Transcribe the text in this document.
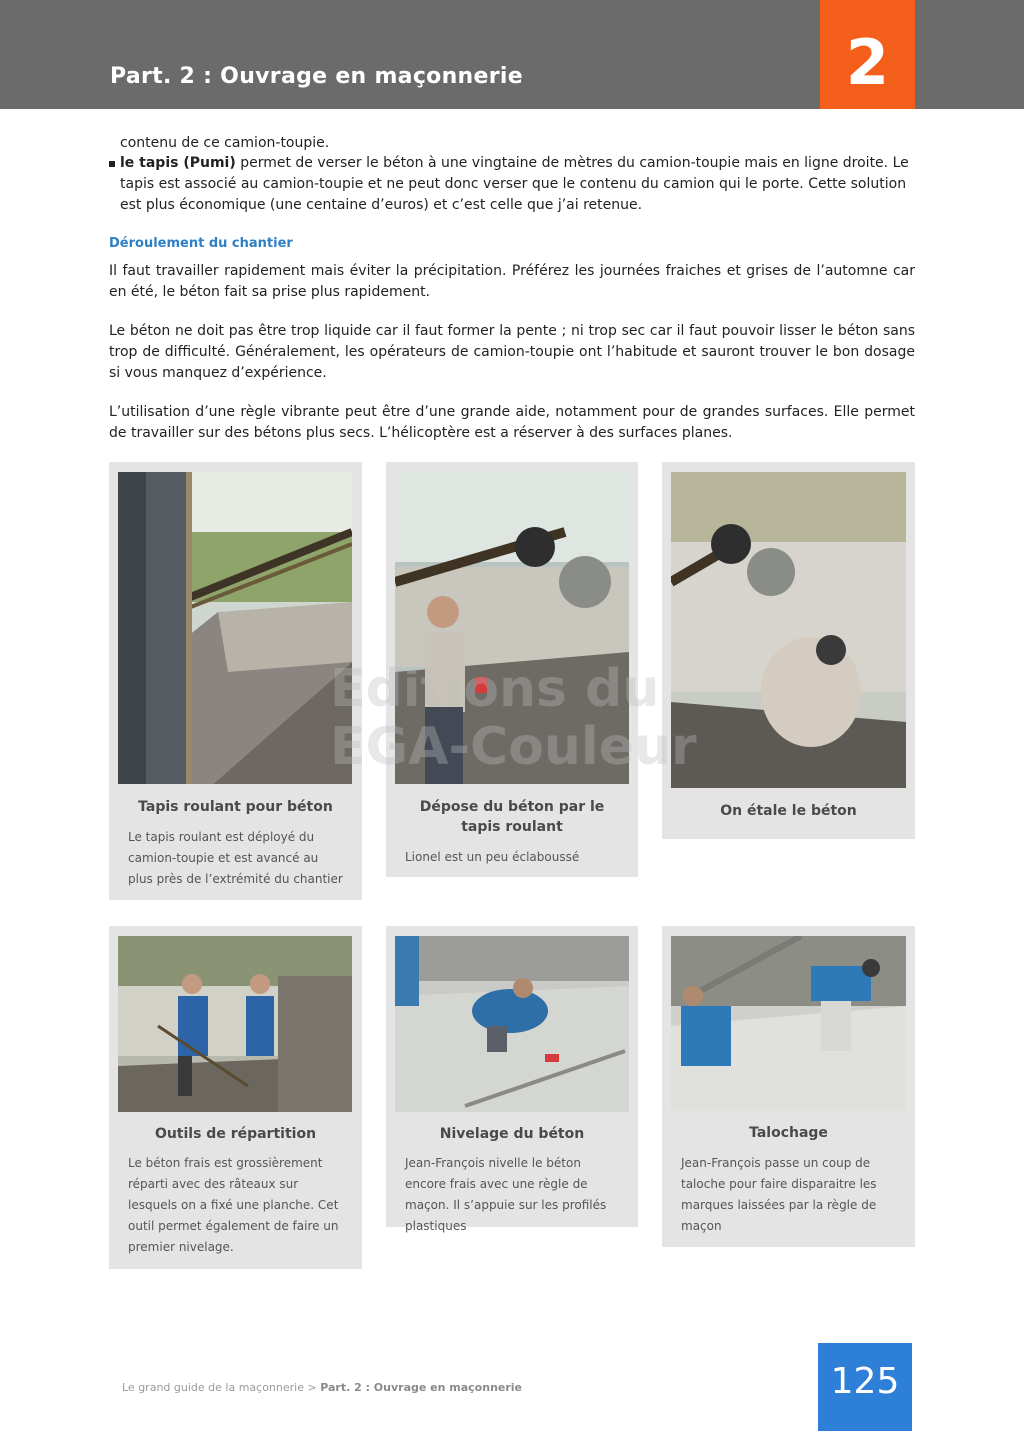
Part. 2 : Ouvrage en maçonnerie	2
contenu de ce camion-toupie.
le tapis (Pumi) permet de verser le béton à une vingtaine de mètres du camion-toupie mais en ligne droite. Le tapis est associé au camion-toupie et ne peut donc verser que le contenu du camion qui le porte. Cette solution est plus économique (une centaine d’euros) et c’est celle que j’ai retenue.
Déroulement du chantier

Il faut travailler rapidement mais éviter la précipitation. Préférez les journées fraiches et grises de l’automne car en été, le béton fait sa prise plus rapidement.

Le béton ne doit pas être trop liquide car il faut former la pente ; ni trop sec car il faut pouvoir lisser le béton sans trop de difficulté. Généralement, les opérateurs de camion-toupie ont l’habitude et sauront trouver le bon dosage si vous manquez d’expérience.

L’utilisation d’une règle vibrante peut être d’une grande aide, notamment pour de grandes surfaces. Elle permet de travailler sur des bétons plus secs. L’hélicoptère est a réserver à des surfaces planes.

Tapis roulant pour béton
Le tapis roulant est déployé du camion-toupie et est avancé au plus près de l’extrémité du chantier
Dépose du béton par le tapis roulant
Lionel est un peu éclaboussé
On étale le béton
Outils de répartition
Le béton frais est grossièrement réparti avec des râteaux sur lesquels on a fixé une planche. Cet outil permet également de faire un premier nivelage.
Nivelage du béton
Jean-François nivelle le béton encore frais avec une règle de maçon. Il s’appuie sur les profilés plastiques
Talochage
Jean-François passe un coup de taloche pour faire disparaitre les marques laissées par la règle de maçon
Editions du
EGA-Couleur
Le grand guide de la maçonnerie > Part. 2 : Ouvrage en maçonnerie	125
